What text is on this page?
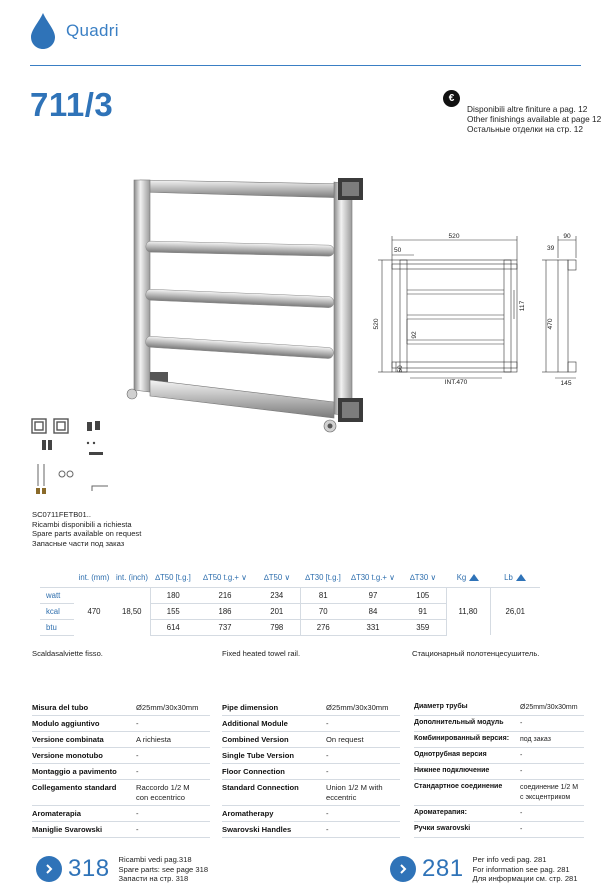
Quadri
711/3	€
Disponibili altre finiture a pag. 12
Other finishings available at page 12
Остальные отделки на стр. 12
520
50
520
92
50
INT.470
117
90
39
470
145
SC0711FETB01..
Ricambi disponibili a richiesta
Spare parts available on request
Запасные части под заказ
	int. (mm)	int. (inch)	∆T50 [t.g.]	∆T50 t.g.+ ∨	∆T50 ∨	∆T30 [t.g.]	∆T30 t.g.+ ∨	∆T30 ∨	Kg	Lb
watt	470	18,50	180	216	234	81	97	105	11,80	26,01
kcal			155	186	201	70	84	91		
btu			614	737	798	276	331	359		
Scaldasalviette fisso.	Fixed heated towel rail.	Стационарный полотенцесушитель.
Misura del tubo	Ø25mm/30x30mm
Modulo aggiuntivo	-
Versione combinata	A richiesta
Versione monotubo	-
Montaggio a pavimento	-
Collegamento standard	Raccordo 1/2 M
con eccentrico
Aromaterapia	-
Maniglie Svarowski	-
Pipe dimension	Ø25mm/30x30mm
Additional Module	-
Combined Version	On request
Single Tube Version	-
Floor Connection	-
Standard Connection	Union 1/2 M with
eccentric
Aromatherapy	-
Swarovski Handles	-
Диаметр трубы	Ø25mm/30x30mm
Дополнительный модуль	-
Комбинированный версия:	под заказ
Однотрубная версия	-
Нижнее подключение	-
Стандартное соединение	соединение 1/2 M
с эксцентриком
Ароматерапия:	-
Ручки swarovski	-
318 Ricambi vedi pag.318
Spare parts: see page 318
Запасти на стр. 318	281 Per info vedi pag. 281
For information see pag. 281
Для информации см. стр. 281
